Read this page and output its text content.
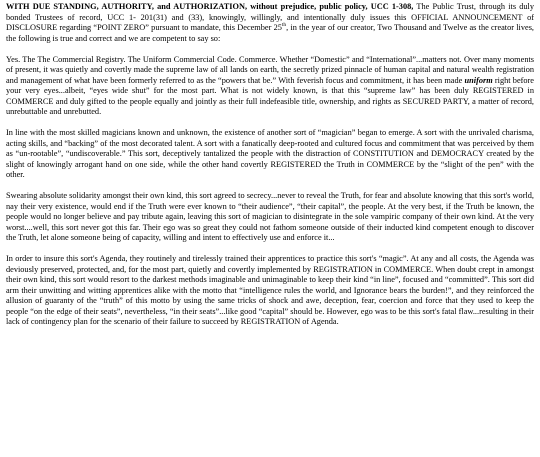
WITH DUE STANDING, AUTHORITY, and AUTHORIZATION, without prejudice, public policy, UCC 1-308, The Public Trust, through its duly bonded Trustees of record, UCC 1- 201(31) and (33), knowingly, willingly, and intentionally duly issues this OFFICIAL ANNOUNCEMENT of DISCLOSURE regarding “POINT ZERO” pursuant to mandate, this December 25th, in the year of our creator, Two Thousand and Twelve as the creator lives, the following is true and correct and we are competent to say so:

Yes. The The Commercial Registry. The Uniform Commercial Code. Commerce. Whether “Domestic” and “International”...matters not. Over many moments of present, it was quietly and covertly made the supreme law of all lands on earth, the secretly prized pinnacle of human capital and natural wealth registration and management of what have been formerly referred to as the “powers that be.” With feverish focus and commitment, it has been made uniform right before your very eyes...albeit, “eyes wide shut” for the most part. What is not widely known, is that this “supreme law” has been duly REGISTERED in COMMERCE and duly gifted to the people equally and jointly as their full indefeasible title, ownership, and rights as SECURED PARTY, a matter of record, unrebuttable and unrebutted.

In line with the most skilled magicians known and unknown, the existence of another sort of “magician” began to emerge. A sort with the unrivaled charisma, acting skills, and “backing” of the most decorated talent. A sort with a fanatically deep-rooted and cultured focus and commitment that was perceived by them as “un-rootable”, “undiscoverable.” This sort, deceptively tantalized the people with the distraction of CONSTITUTION and DEMOCRACY created by the slight of knowingly arrogant hand on one side, while the other hand covertly REGISTERED the Truth in COMMERCE by the “slight of the pen” with the other.

Swearing absolute solidarity amongst their own kind, this sort agreed to secrecy...never to reveal the Truth, for fear and absolute knowing that this sort's world, nay their very existence, would end if the Truth were ever known to “their audience”, “their capital”, the people. At the very best, if the Truth be known, the people would no longer believe and pay tribute again, leaving this sort of magician to disintegrate in the sole vampiric company of their own kind. At the very worst....well, this sort never got this far. Their ego was so great they could not fathom someone outside of their inducted kind competent enough to discover the Truth, let alone someone being of capacity, willing and intent to effectively use and enforce it...

In order to insure this sort's Agenda, they routinely and tirelessly trained their apprentices to practice this sort's “magic”. At any and all costs, the Agenda was deviously preserved, protected, and, for the most part, quietly and covertly implemented by REGISTRATION in COMMERCE. When doubt crept in amongst their own kind, this sort would resort to the darkest methods imaginable and unimaginable to keep their kind “in line”, focused and “committed”. This sort did arm their unwitting and witting apprentices alike with the motto that “intelligence rules the world, and Ignorance bears the burden!”, and they reinforced the allusion of guaranty of the “truth” of this motto by using the same tricks of shock and awe, deception, fear, coercion and force that they used to keep the people “on the edge of their seats”, nevertheless, “in their seats”...like good “capital” should be. However, ego was to be this sort's fatal flaw...resulting in their lack of contingency plan for the scenario of their failure to succeed by REGISTRATION of Agenda.
